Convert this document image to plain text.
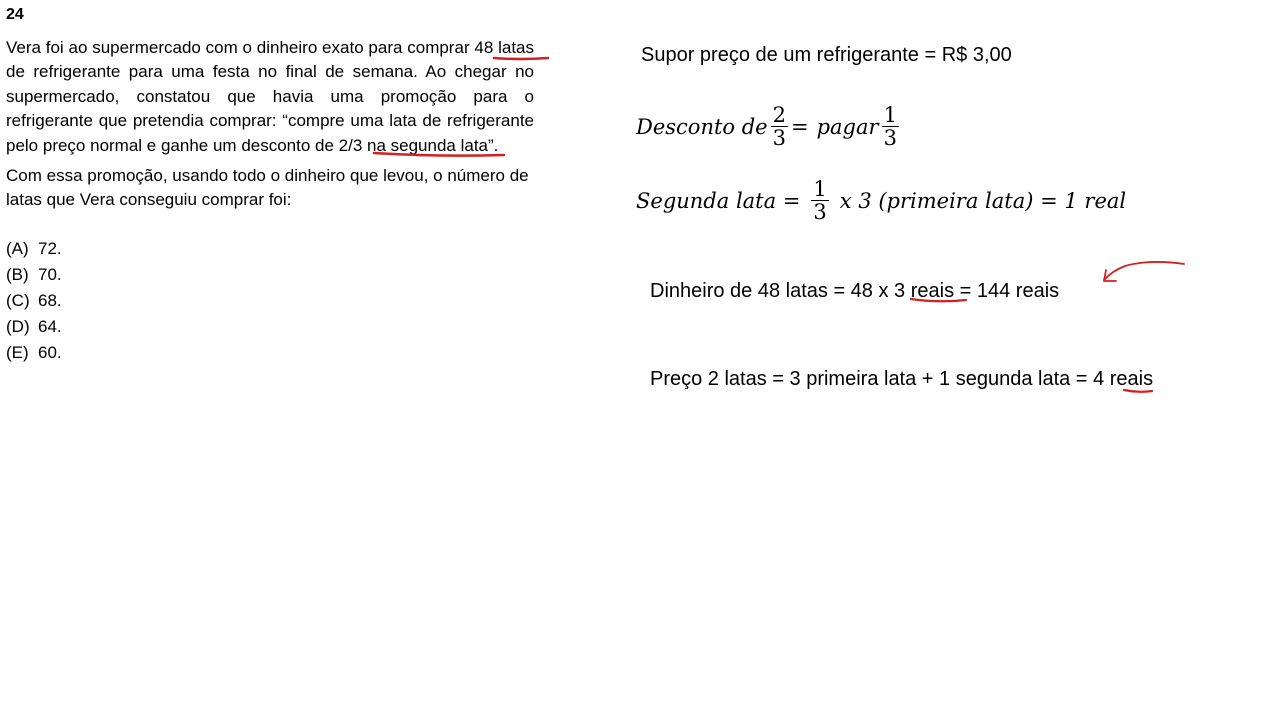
24

Vera foi ao supermercado com o dinheiro exato para comprar 48 latas de refrigerante para uma festa no final de semana. Ao chegar no supermercado, constatou que havia uma promoção para o refrigerante que pretendia comprar: “compre uma lata de refrigerante pelo preço normal e ganhe um desconto de 2/3 na segunda lata”.

Com essa promoção, usando todo o dinheiro que levou, o número de latas que Vera conseguiu comprar foi:

(A) 72.
(B) 70.
(C) 68.
(D) 64.
(E) 60.
Supor preço de um refrigerante = R$ 3,00
Desconto de $\frac{2}{3}$ = pagar $\frac{1}{3}$
Segunda lata = $\frac{1}{3}$ x 3 (primeira lata) = 1 real
Dinheiro de 48 latas = 48 x 3 reais = 144 reais
Preço 2 latas = 3 primeira lata + 1 segunda lata = 4 reais
